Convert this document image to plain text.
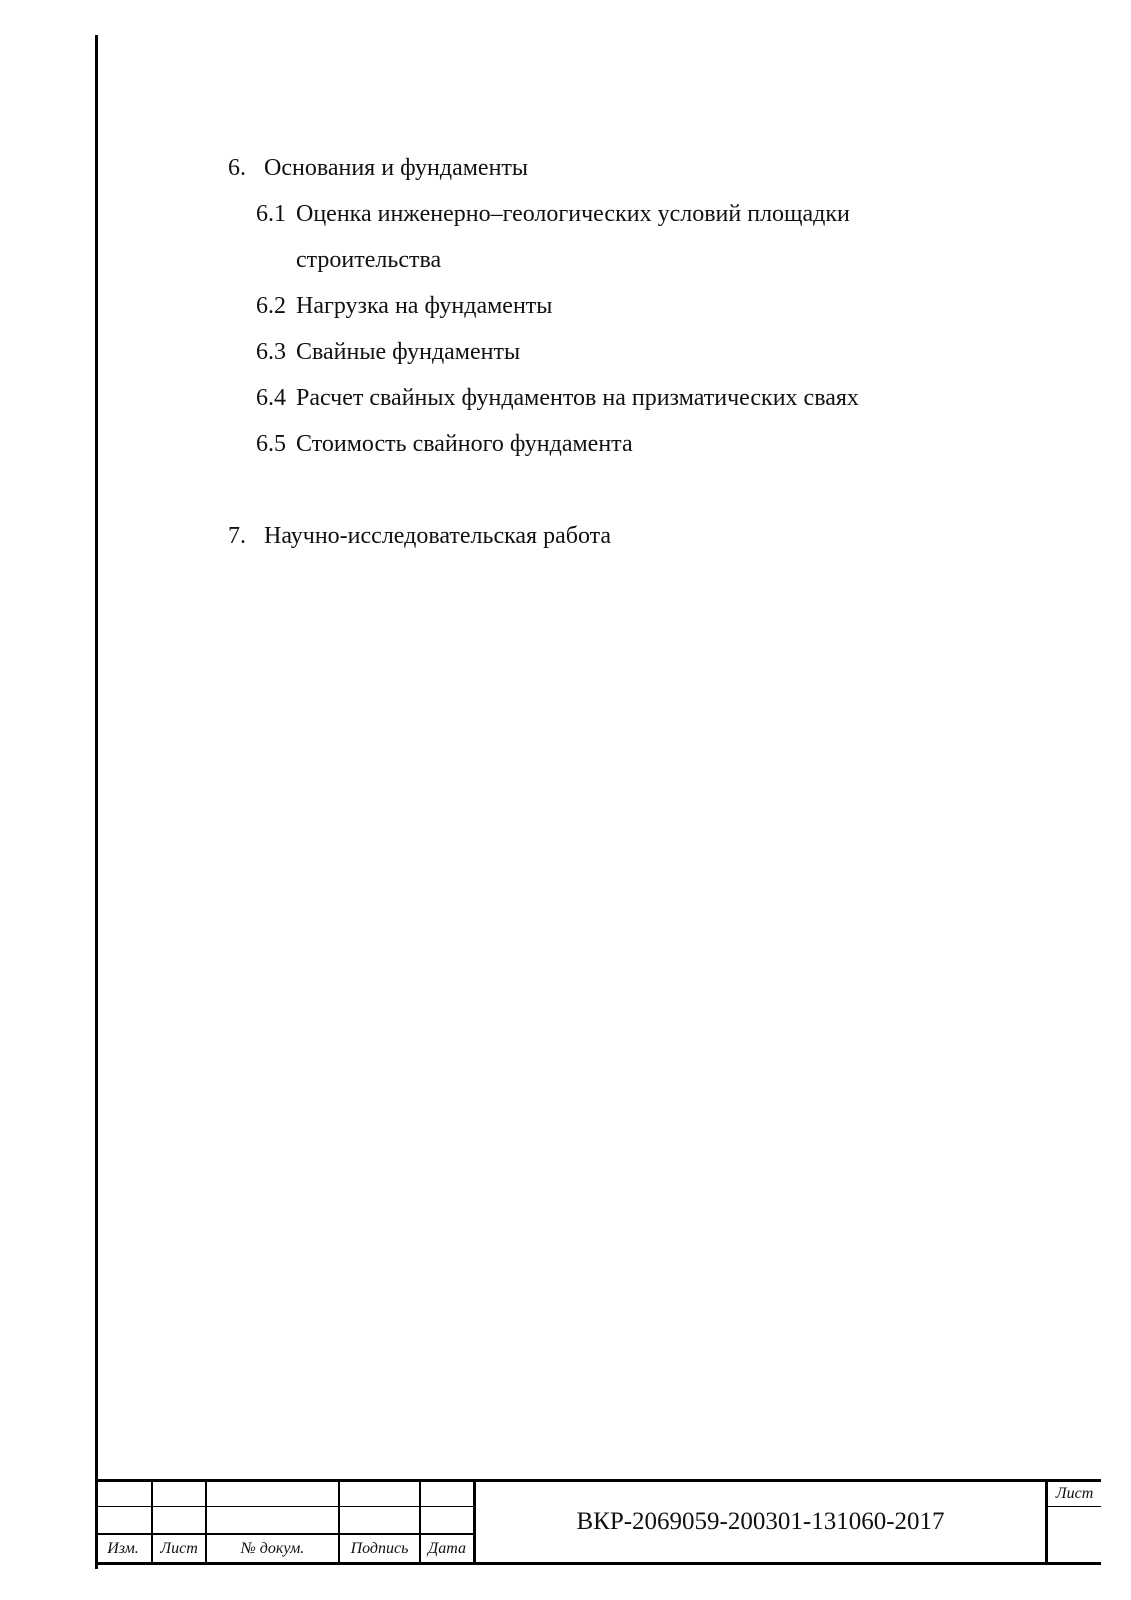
6. Основания и фундаменты
6.1 Оценка инженерно–геологических условий площадки
строительства
6.2 Нагрузка на фундаменты
6.3 Свайные фундаменты
6.4 Расчет свайных фундаментов на призматических сваях
6.5 Стоимость свайного фундамента
7. Научно-исследовательская работа
Изм.	Лист	№ докум.	Подпись	Дата
ВКР-2069059-200301-131060-2017
Лист
